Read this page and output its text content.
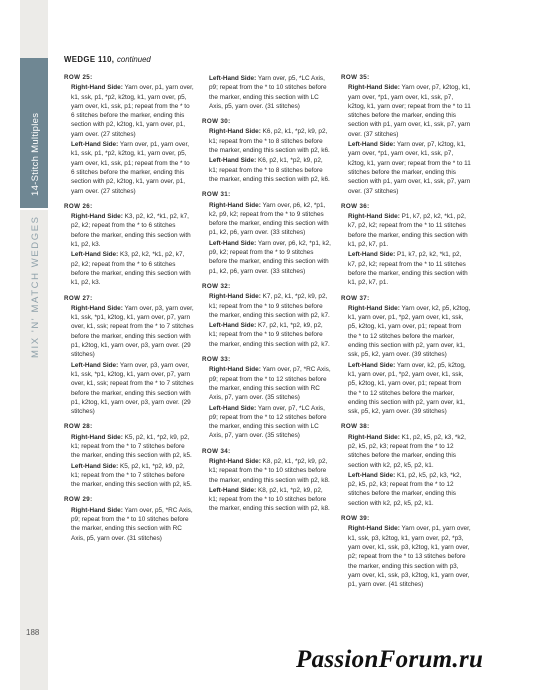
14-Stitch Multiples
MIX 'N' MATCH WEDGES
188
WEDGE 110, continued
ROW 25:
Right-Hand Side: Yarn over, p1, yarn over, k1, ssk, p1, *p2, k2tog, k1, yarn over, p5, yarn over, k1, ssk, p1; repeat from the * to 6 stitches before the marker, ending this section with p2, k2tog, k1, yarn over, p1, yarn over. (27 stitches)
Left-Hand Side: Yarn over, p1, yarn over, k1, ssk, p1, *p2, k2tog, k1, yarn over, p5, yarn over, k1, ssk, p1; repeat from the * to 6 stitches before the marker, ending this section with p2, k2tog, k1, yarn over, p1, yarn over. (27 stitches)
ROW 26:
Right-Hand Side: K3, p2, k2, *k1, p2, k7, p2, k2; repeat from the * to 6 stitches before the marker, ending this section with k1, p2, k3.
Left-Hand Side: K3, p2, k2, *k1, p2, k7, p2, k2; repeat from the * to 6 stitches before the marker, ending this section with k1, p2, k3.
ROW 27:
Right-Hand Side: Yarn over, p3, yarn over, k1, ssk, *p1, k2tog, k1, yarn over, p7, yarn over, k1, ssk; repeat from the * to 7 stitches before the marker, ending this section with p1, k2tog, k1, yarn over, p3, yarn over. (29 stitches)
Left-Hand Side: Yarn over, p3, yarn over, k1, ssk, *p1, k2tog, k1, yarn over, p7, yarn over, k1, ssk; repeat from the * to 7 stitches before the marker, ending this section with p1, k2tog, k1, yarn over, p3, yarn over. (29 stitches)
ROW 28:
Right-Hand Side: K5, p2, k1, *p2, k9, p2, k1; repeat from the * to 7 stitches before the marker, ending this section with p2, k5.
Left-Hand Side: K5, p2, k1, *p2, k9, p2, k1; repeat from the * to 7 stitches before the marker, ending this section with p2, k5.
ROW 29:
Right-Hand Side: Yarn over, p5, *RC Axis, p9; repeat from the * to 10 stitches before the marker, ending this section with RC Axis, p5, yarn over. (31 stitches)
Left-Hand Side: Yarn over, p5, *LC Axis, p9; repeat from the * to 10 stitches before the marker, ending this section with LC Axis, p5, yarn over. (31 stitches)
ROW 30:
Right-Hand Side: K6, p2, k1, *p2, k9, p2, k1; repeat from the * to 8 stitches before the marker, ending this section with p2, k6.
Left-Hand Side: K6, p2, k1, *p2, k9, p2, k1; repeat from the * to 8 stitches before the marker, ending this section with p2, k6.
ROW 31:
Right-Hand Side: Yarn over, p6, k2, *p1, k2, p9, k2; repeat from the * to 9 stitches before the marker, ending this section with p1, k2, p6, yarn over. (33 stitches)
Left-Hand Side: Yarn over, p6, k2, *p1, k2, p9, k2; repeat from the * to 9 stitches before the marker, ending this section with p1, k2, p6, yarn over. (33 stitches)
ROW 32:
Right-Hand Side: K7, p2, k1, *p2, k9, p2, k1; repeat from the * to 9 stitches before the marker, ending this section with p2, k7.
Left-Hand Side: K7, p2, k1, *p2, k9, p2, k1; repeat from the * to 9 stitches before the marker, ending this section with p2, k7.
ROW 33:
Right-Hand Side: Yarn over, p7, *RC Axis, p9; repeat from the * to 12 stitches before the marker, ending this section with RC Axis, p7, yarn over. (35 stitches)
Left-Hand Side: Yarn over, p7, *LC Axis, p9; repeat from the * to 12 stitches before the marker, ending this section with LC Axis, p7, yarn over. (35 stitches)
ROW 34:
Right-Hand Side: K8, p2, k1, *p2, k9, p2, k1; repeat from the * to 10 stitches before the marker, ending this section with p2, k8.
Left-Hand Side: K8, p2, k1, *p2, k9, p2, k1; repeat from the * to 10 stitches before the marker, ending this section with p2, k8.
ROW 35:
Right-Hand Side: Yarn over, p7, k2tog, k1, yarn over, *p1, yarn over, k1, ssk, p7, k2tog, k1, yarn over; repeat from the * to 11 stitches before the marker, ending this section with p1, yarn over, k1, ssk, p7, yarn over. (37 stitches)
Left-Hand Side: Yarn over, p7, k2tog, k1, yarn over, *p1, yarn over, k1, ssk, p7, k2tog, k1, yarn over; repeat from the * to 11 stitches before the marker, ending this section with p1, yarn over, k1, ssk, p7, yarn over. (37 stitches)
ROW 36:
Right-Hand Side: P1, k7, p2, k2, *k1, p2, k7, p2, k2; repeat from the * to 11 stitches before the marker, ending this section with k1, p2, k7, p1.
Left-Hand Side: P1, k7, p2, k2, *k1, p2, k7, p2, k2; repeat from the * to 11 stitches before the marker, ending this section with k1, p2, k7, p1.
ROW 37:
Right-Hand Side: Yarn over, k2, p5, k2tog, k1, yarn over, p1, *p2, yarn over, k1, ssk, p5, k2tog, k1, yarn over, p1; repeat from the * to 12 stitches before the marker, ending this section with p2, yarn over, k1, ssk, p5, k2, yarn over. (39 stitches)
Left-Hand Side: Yarn over, k2, p5, k2tog, k1, yarn over, p1, *p2, yarn over, k1, ssk, p5, k2tog, k1, yarn over, p1; repeat from the * to 12 stitches before the marker, ending this section with p2, yarn over, k1, ssk, p5, k2, yarn over. (39 stitches)
ROW 38:
Right-Hand Side: K1, p2, k5, p2, k3, *k2, p2, k5, p2, k3; repeat from the * to 12 stitches before the marker, ending this section with k2, p2, k5, p2, k1.
Left-Hand Side: K1, p2, k5, p2, k3, *k2, p2, k5, p2, k3; repeat from the * to 12 stitches before the marker, ending this section with k2, p2, k5, p2, k1.
ROW 39:
Right-Hand Side: Yarn over, p1, yarn over, k1, ssk, p3, k2tog, k1, yarn over, p2, *p3, yarn over, k1, ssk, p3, k2tog, k1, yarn over, p2; repeat from the * to 13 stitches before the marker, ending this section with p3, yarn over, k1, ssk, p3, k2tog, k1, yarn over, p1, yarn over. (41 stitches)
PassionForum.ru
